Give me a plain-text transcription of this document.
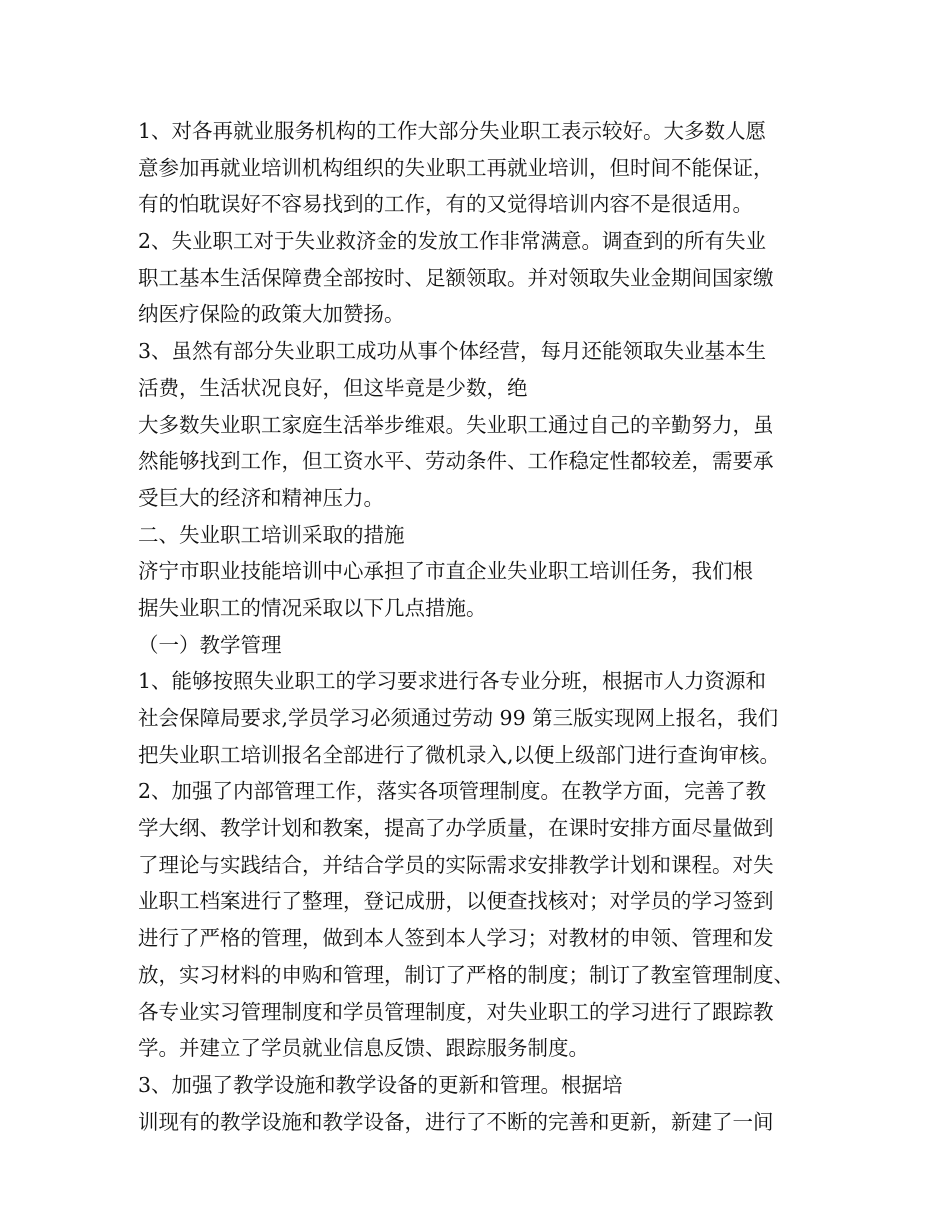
1、对各再就业服务机构的工作大部分失业职工表示较好。大多数人愿
意参加再就业培训机构组织的失业职工再就业培训，但时间不能保证，
有的怕耽误好不容易找到的工作，有的又觉得培训内容不是很适用。
2、失业职工对于失业救济金的发放工作非常满意。调查到的所有失业
职工基本生活保障费全部按时、足额领取。并对领取失业金期间国家缴
纳医疗保险的政策大加赞扬。
3、虽然有部分失业职工成功从事个体经营，每月还能领取失业基本生
活费，生活状况良好，但这毕竟是少数，绝
大多数失业职工家庭生活举步维艰。失业职工通过自己的辛勤努力，虽
然能够找到工作，但工资水平、劳动条件、工作稳定性都较差，需要承
受巨大的经济和精神压力。
二、失业职工培训采取的措施
济宁市职业技能培训中心承担了市直企业失业职工培训任务，我们根
据失业职工的情况采取以下几点措施。
（一）教学管理
1、能够按照失业职工的学习要求进行各专业分班，根据市人力资源和
社会保障局要求,学员学习必须通过劳动 99 第三版实现网上报名，我们
把失业职工培训报名全部进行了微机录入,以便上级部门进行查询审核。
2、加强了内部管理工作，落实各项管理制度。在教学方面，完善了教
学大纲、教学计划和教案，提高了办学质量，在课时安排方面尽量做到
了理论与实践结合，并结合学员的实际需求安排教学计划和课程。对失
业职工档案进行了整理，登记成册，以便查找核对；对学员的学习签到
进行了严格的管理，做到本人签到本人学习；对教材的申领、管理和发
放，实习材料的申购和管理，制订了严格的制度；制订了教室管理制度、
各专业实习管理制度和学员管理制度，对失业职工的学习进行了跟踪教
学。并建立了学员就业信息反馈、跟踪服务制度。
3、加强了教学设施和教学设备的更新和管理。根据培
训现有的教学设施和教学设备，进行了不断的完善和更新，新建了一间
